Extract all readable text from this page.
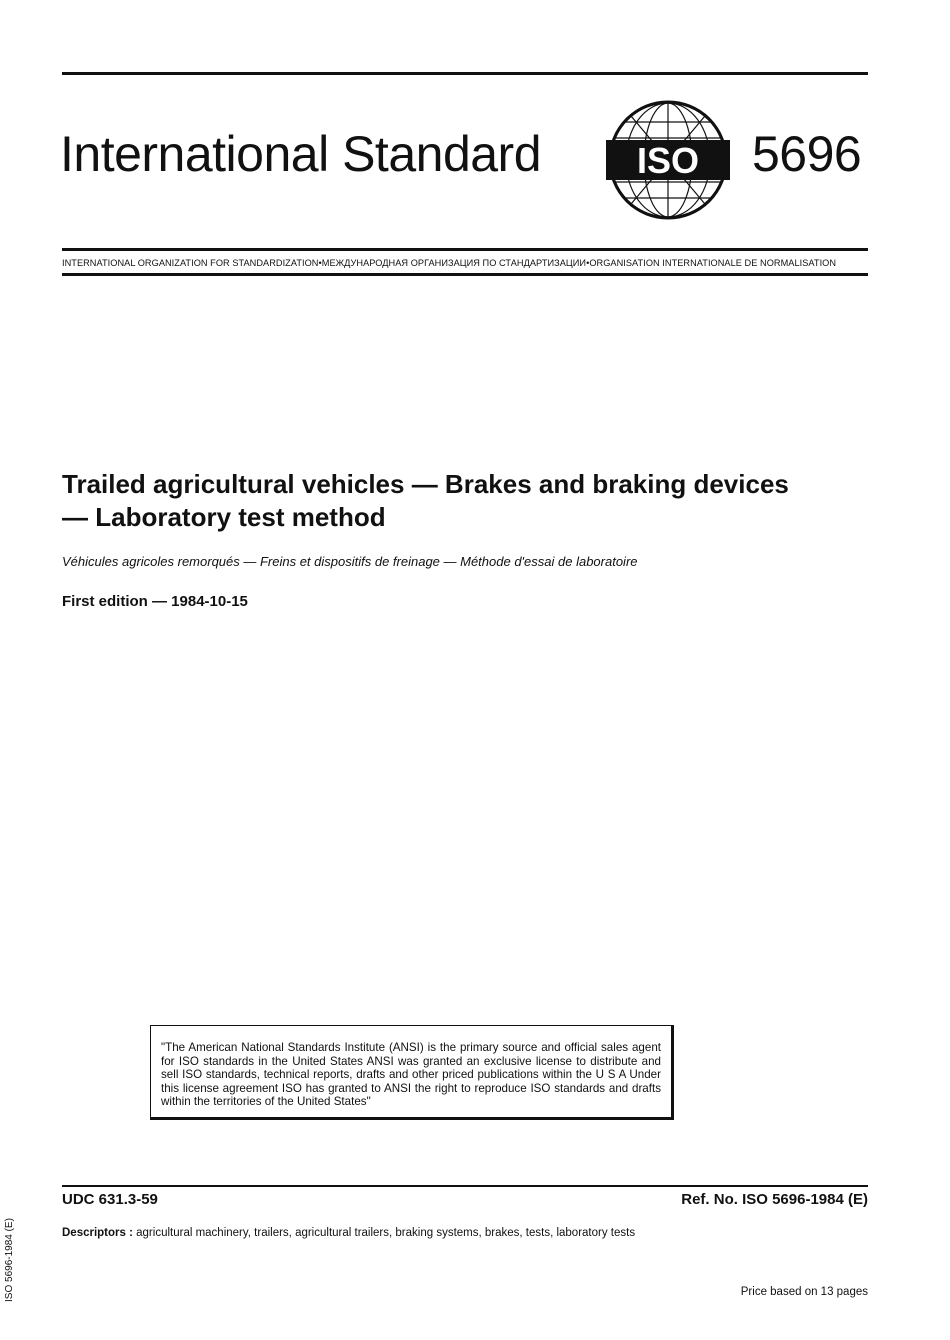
International Standard	ISO 5696
INTERNATIONAL ORGANIZATION FOR STANDARDIZATION•МЕЖДУНАРОДНАЯ ОРГАНИЗАЦИЯ ПО СТАНДАРТИЗАЦИИ•ORGANISATION INTERNATIONALE DE NORMALISATION
Trailed agricultural vehicles — Brakes and braking devices — Laboratory test method
Véhicules agricoles remorqués — Freins et dispositifs de freinage — Méthode d'essai de laboratoire
First edition — 1984-10-15
"The American National Standards Institute (ANSI) is the primary source and official sales agent for ISO standards in the United States ANSI was granted an exclusive license to distribute and sell ISO standards, technical reports, drafts and other priced publications within the U S A Under this license agreement ISO has granted to ANSI the right to reproduce ISO standards and drafts within the territories of the United States"
UDC 631.3-59	Ref. No. ISO 5696-1984 (E)
Descriptors : agricultural machinery, trailers, agricultural trailers, braking systems, brakes, tests, laboratory tests
Price based on 13 pages
ISO 5696-1984 (E)
